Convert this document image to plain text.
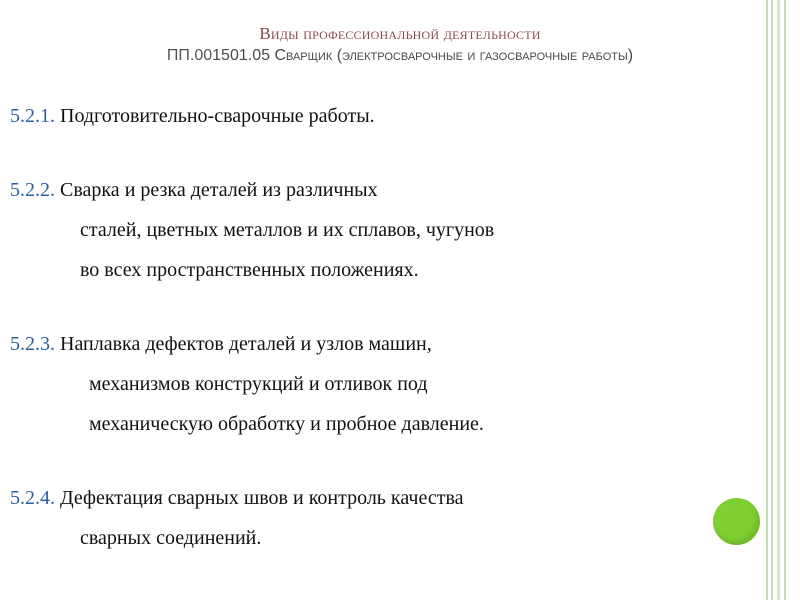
Виды профессиональной деятельности
ПП.001501.05 Сварщик (электросварочные и газосварочные работы)
5.2.1. Подготовительно-сварочные работы.
5.2.2. Сварка и резка деталей из различных
сталей, цветных металлов и их сплавов, чугунов
во всех пространственных положениях.
5.2.3. Наплавка дефектов деталей и узлов машин,
механизмов конструкций и отливок под
механическую обработку и пробное давление.
5.2.4. Дефектация сварных швов и контроль качества
сварных соединений.
